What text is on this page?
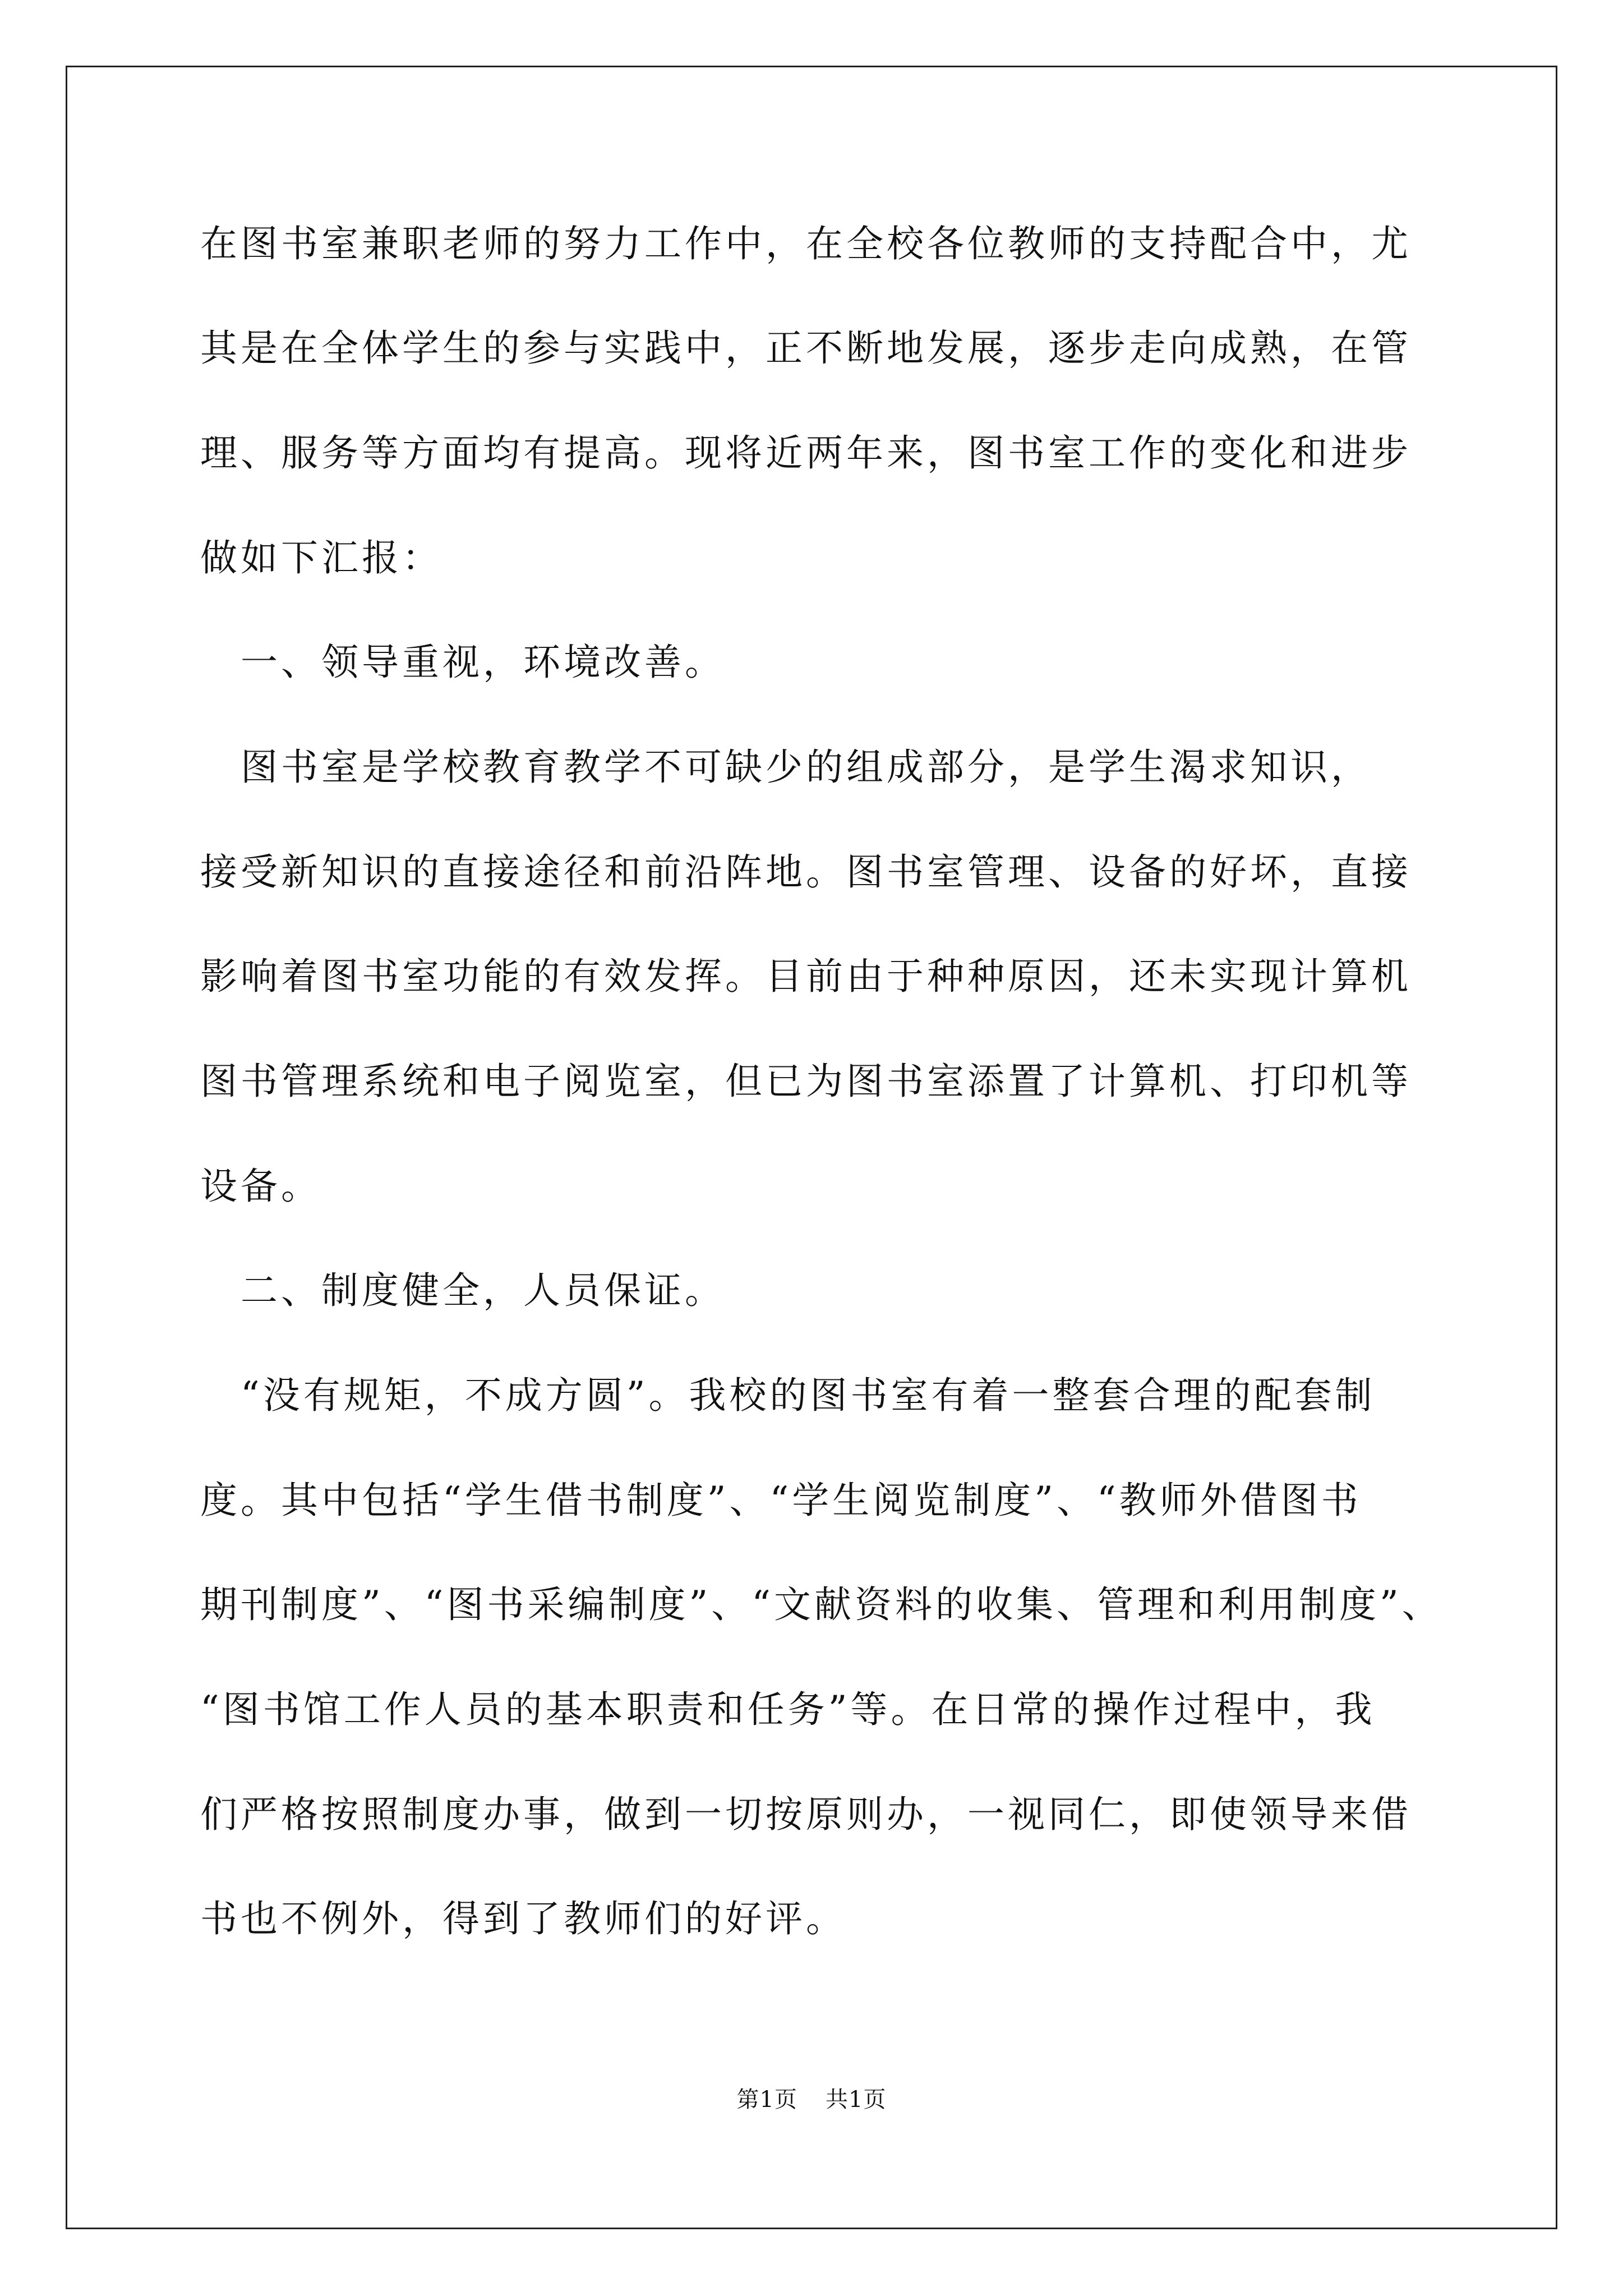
在图书室兼职老师的努力工作中，在全校各位教师的支持配合中，尤
其是在全体学生的参与实践中，正不断地发展，逐步走向成熟，在管
理、服务等方面均有提高。现将近两年来，图书室工作的变化和进步
做如下汇报：
　一、领导重视，环境改善。
　图书室是学校教育教学不可缺少的组成部分，是学生渴求知识，
接受新知识的直接途径和前沿阵地。图书室管理、设备的好坏，直接
影响着图书室功能的有效发挥。目前由于种种原因，还未实现计算机
图书管理系统和电子阅览室，但已为图书室添置了计算机、打印机等
设备。
　二、制度健全，人员保证。
　“没有规矩，不成方圆”。我校的图书室有着一整套合理的配套制
度。其中包括“学生借书制度”、“学生阅览制度”、“教师外借图书
期刊制度”、“图书采编制度”、“文献资料的收集、管理和利用制度”、
“图书馆工作人员的基本职责和任务”等。在日常的操作过程中，我
们严格按照制度办事，做到一切按原则办，一视同仁，即使领导来借
书也不例外，得到了教师们的好评。
第1页 共1页
